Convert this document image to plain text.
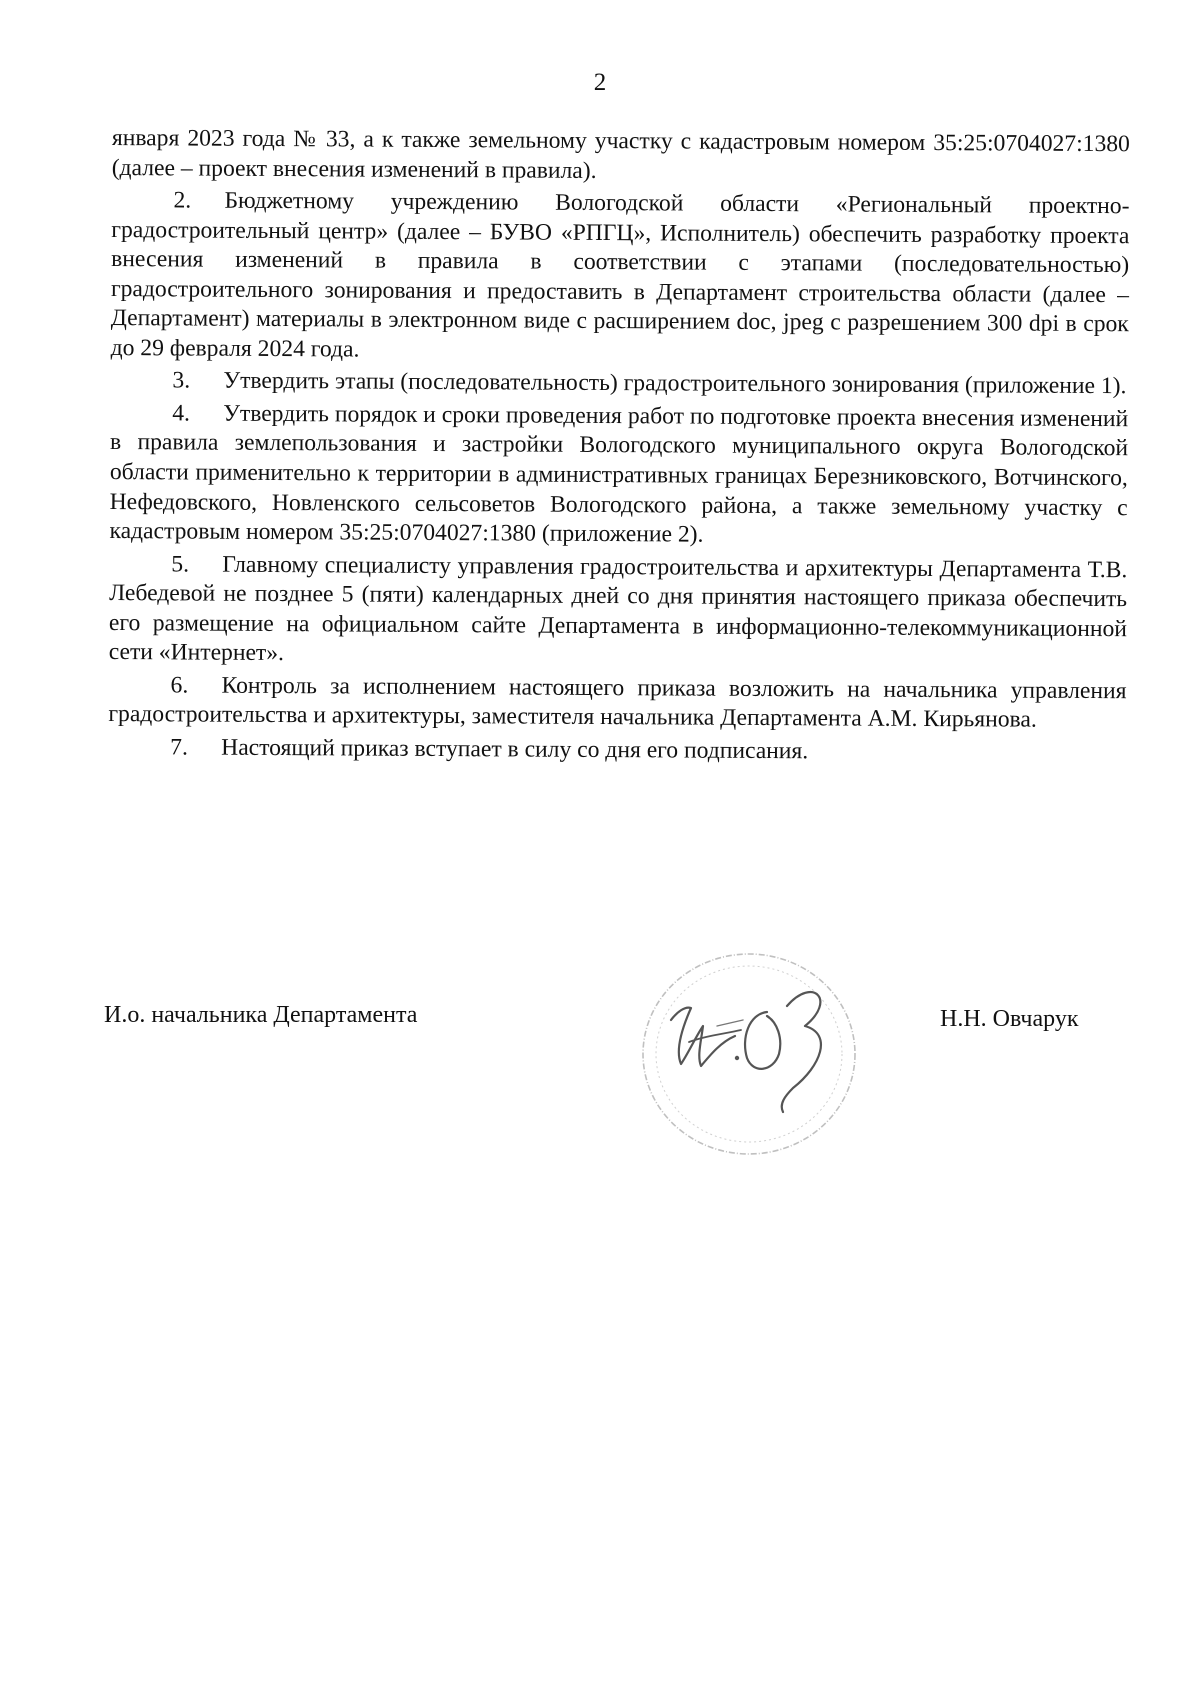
2

января 2023 года № 33, а к также земельному участку с кадастровым номером 35:25:0704027:1380 (далее – проект внесения изменений в правила).

2. Бюджетному учреждению Вологодской области «Региональный проектно-градостроительный центр» (далее – БУВО «РПГЦ», Исполнитель) обеспечить разработку проекта внесения изменений в правила в соответствии с этапами (последовательностью) градостроительного зонирования и предоставить в Департамент строительства области (далее – Департамент) материалы в электронном виде с расширением doc, jpeg с разрешением 300 dpi в срок до 29 февраля 2024 года.

3. Утвердить этапы (последовательность) градостроительного зонирования (приложение 1).

4. Утвердить порядок и сроки проведения работ по подготовке проекта внесения изменений в правила землепользования и застройки Вологодского муниципального округа Вологодской области применительно к территории в административных границах Березниковского, Вотчинского, Нефедовского, Новленского сельсоветов Вологодского района, а также земельному участку с кадастровым номером 35:25:0704027:1380 (приложение 2).

5. Главному специалисту управления градостроительства и архитектуры Департамента Т.В. Лебедевой не позднее 5 (пяти) календарных дней со дня принятия настоящего приказа обеспечить его размещение на официальном сайте Департамента в информационно-телекоммуникационной сети «Интернет».

6. Контроль за исполнением настоящего приказа возложить на начальника управления градостроительства и архитектуры, заместителя начальника Департамента А.М. Кирьянова.

7. Настоящий приказ вступает в силу со дня его подписания.

И.о. начальника Департамента	Н.Н. Овчарук
